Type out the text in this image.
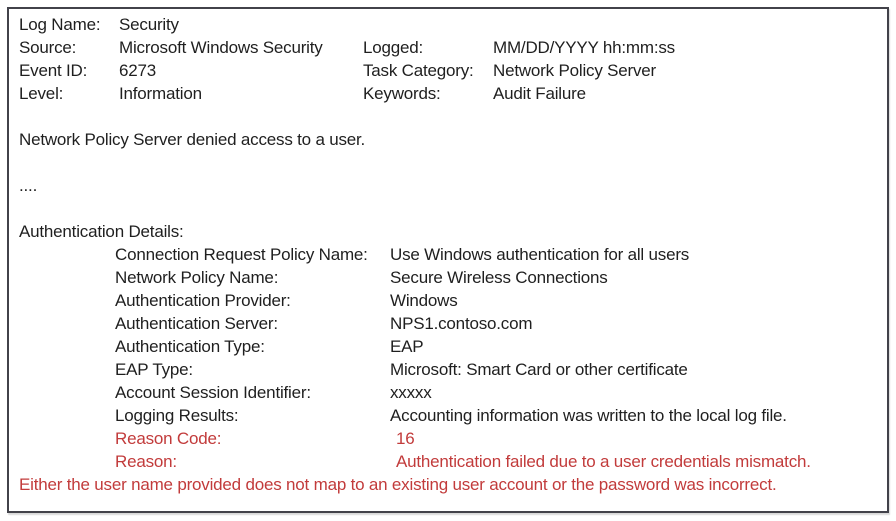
Log Name:	Security
Source:	Microsoft Windows Security	Logged:	MM/DD/YYYY hh:mm:ss
Event ID:	6273	Task Category:	Network Policy Server
Level:	Information	Keywords:	Audit Failure

Network Policy Server denied access to a user.

....

Authentication Details:

Connection Request Policy Name:	Use Windows authentication for all users
Network Policy Name:	Secure Wireless Connections
Authentication Provider:	Windows
Authentication Server:	NPS1.contoso.com
Authentication Type:	EAP
EAP Type:	Microsoft: Smart Card or other certificate
Account Session Identifier:	xxxxx
Logging Results:	Accounting information was written to the local log file.
Reason Code:	16
Reason:	Authentication failed due to a user credentials mismatch.

Either the user name provided does not map to an existing user account or the password was incorrect.
